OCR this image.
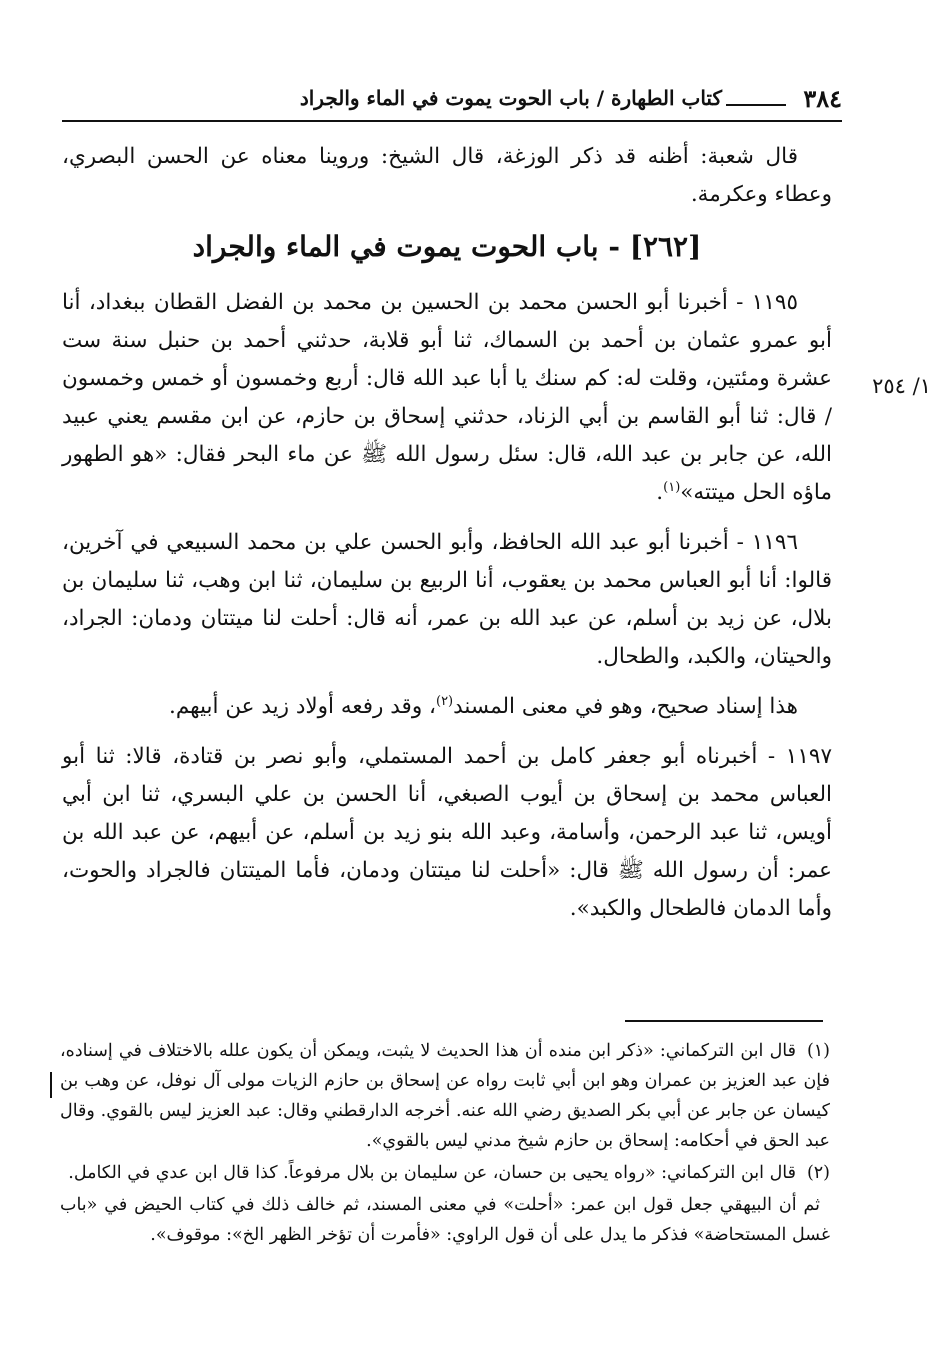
٣٨٤
كتاب الطهارة / باب الحوت يموت في الماء والجراد
١/ ٢٥٤

قال شعبة: أظنه قد ذكر الوزغة، قال الشيخ: وروينا معناه عن الحسن البصري، وعطاء وعكرمة.

[٢٦٢] - باب الحوت يموت في الماء والجراد

١١٩٥ - أخبرنا أبو الحسن محمد بن الحسين بن محمد بن الفضل القطان ببغداد، أنا أبو عمرو عثمان بن أحمد بن السماك، ثنا أبو قلابة، حدثني أحمد بن حنبل سنة ست عشرة ومئتين، وقلت له: كم سنك يا أبا عبد الله قال: أربع وخمسون أو خمس وخمسون / قال: ثنا أبو القاسم بن أبي الزناد، حدثني إسحاق بن حازم، عن ابن مقسم يعني عبيد الله، عن جابر بن عبد الله، قال: سئل رسول الله ﷺ عن ماء البحر فقال: «هو الطهور ماؤه الحل ميتته»$^{(١)}$.

١١٩٦ - أخبرنا أبو عبد الله الحافظ، وأبو الحسن علي بن محمد السبيعي في آخرين، قالوا: أنا أبو العباس محمد بن يعقوب، أنا الربيع بن سليمان، ثنا ابن وهب، ثنا سليمان بن بلال، عن زيد بن أسلم، عن عبد الله بن عمر، أنه قال: أحلت لنا ميتتان ودمان: الجراد، والحيتان، والكبد، والطحال.

هذا إسناد صحيح، وهو في معنى المسند$^{(٢)}$، وقد رفعه أولاد زيد عن أبيهم.

١١٩٧ - أخبرناه أبو جعفر كامل بن أحمد المستملي، وأبو نصر بن قتادة، قالا: ثنا أبو العباس محمد بن إسحاق بن أيوب الصبغي، أنا الحسن بن علي البسري، ثنا ابن أبي أويس، ثنا عبد الرحمن، وأسامة، وعبد الله بنو زيد بن أسلم، عن أبيهم، عن عبد الله بن عمر: أن رسول الله ﷺ قال: «أحلت لنا ميتتان ودمان، فأما الميتتان فالجراد والحوت، وأما الدمان فالطحال والكبد».

(١)قال ابن التركماني: «ذكر ابن منده أن هذا الحديث لا يثبت، ويمكن أن يكون علله بالاختلاف في إسناده، فإن عبد العزيز بن عمران وهو ابن أبي ثابت رواه عن إسحاق بن حازم الزيات مولى آل نوفل، عن وهب بن كيسان عن جابر عن أبي بكر الصديق رضي الله عنه. أخرجه الدارقطني وقال: عبد العزيز ليس بالقوي. وقال عبد الحق في أحكامه: إسحاق بن حازم شيخ مدني ليس بالقوي».
(٢)قال ابن التركماني: «رواه يحيى بن حسان، عن سليمان بن بلال مرفوعاً. كذا قال ابن عدي في الكامل.
ثم أن البيهقي جعل قول ابن عمر: «أحلت» في معنى المسند، ثم خالف ذلك في كتاب الحيض في «باب غسل المستحاضة» فذكر ما يدل على أن قول الراوي: «فأمرت أن تؤخر الظهر الخ»: موقوف».
